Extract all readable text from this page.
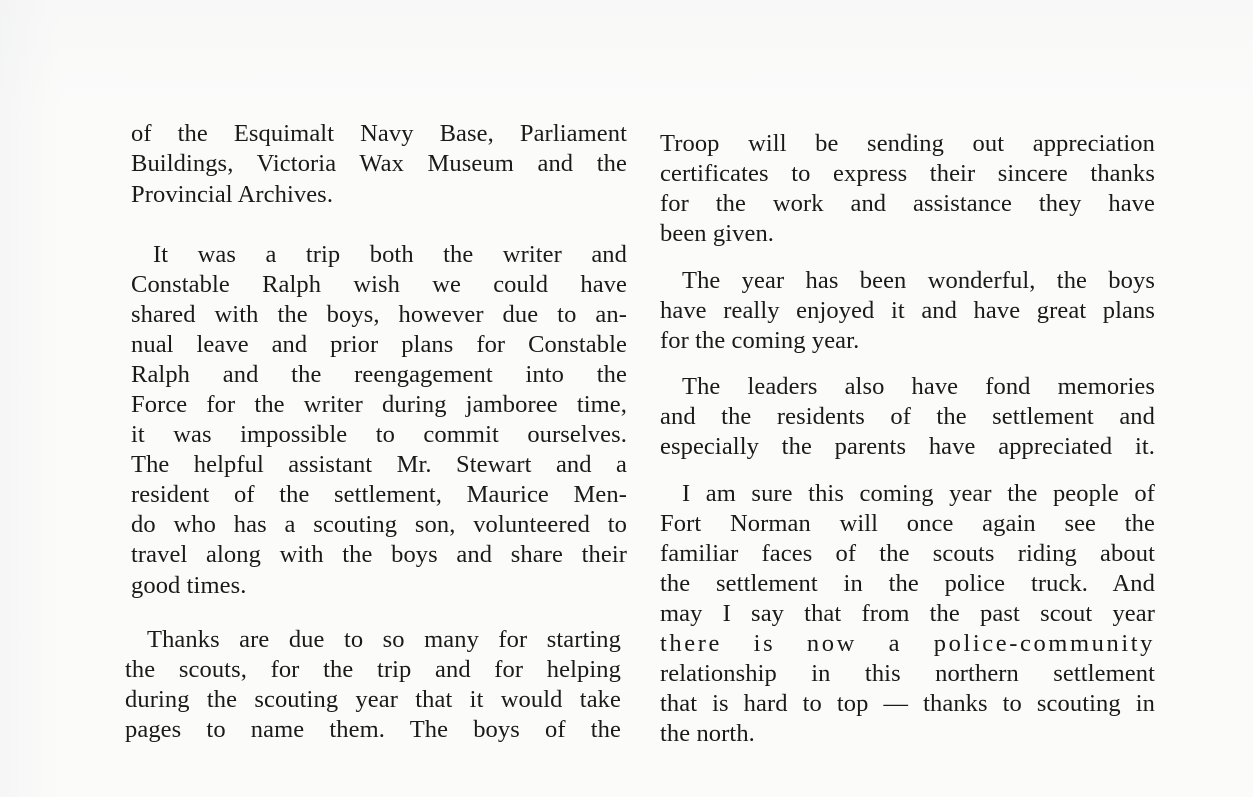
of the Esquimalt Navy Base, Parliament
Buildings, Victoria Wax Museum and the
Provincial Archives.
It was a trip both the writer and
Constable Ralph wish we could have
shared with the boys, however due to an-
nual leave and prior plans for Constable
Ralph and the reengagement into the
Force for the writer during jamboree time,
it was impossible to commit ourselves.
The helpful assistant Mr. Stewart and a
resident of the settlement, Maurice Men-
do who has a scouting son, volunteered to
travel along with the boys and share their
good times.
Thanks are due to so many for starting
the scouts, for the trip and for helping
during the scouting year that it would take
pages to name them. The boys of the
Troop will be sending out appreciation
certificates to express their sincere thanks
for the work and assistance they have
been given.
The year has been wonderful, the boys
have really enjoyed it and have great plans
for the coming year.
The leaders also have fond memories
and the residents of the settlement and
especially the parents have appreciated it.
I am sure this coming year the people of
Fort Norman will once again see the
familiar faces of the scouts riding about
the settlement in the police truck. And
may I say that from the past scout year
there is now a police-community
relationship in this northern settlement
that is hard to top — thanks to scouting in
the north.
